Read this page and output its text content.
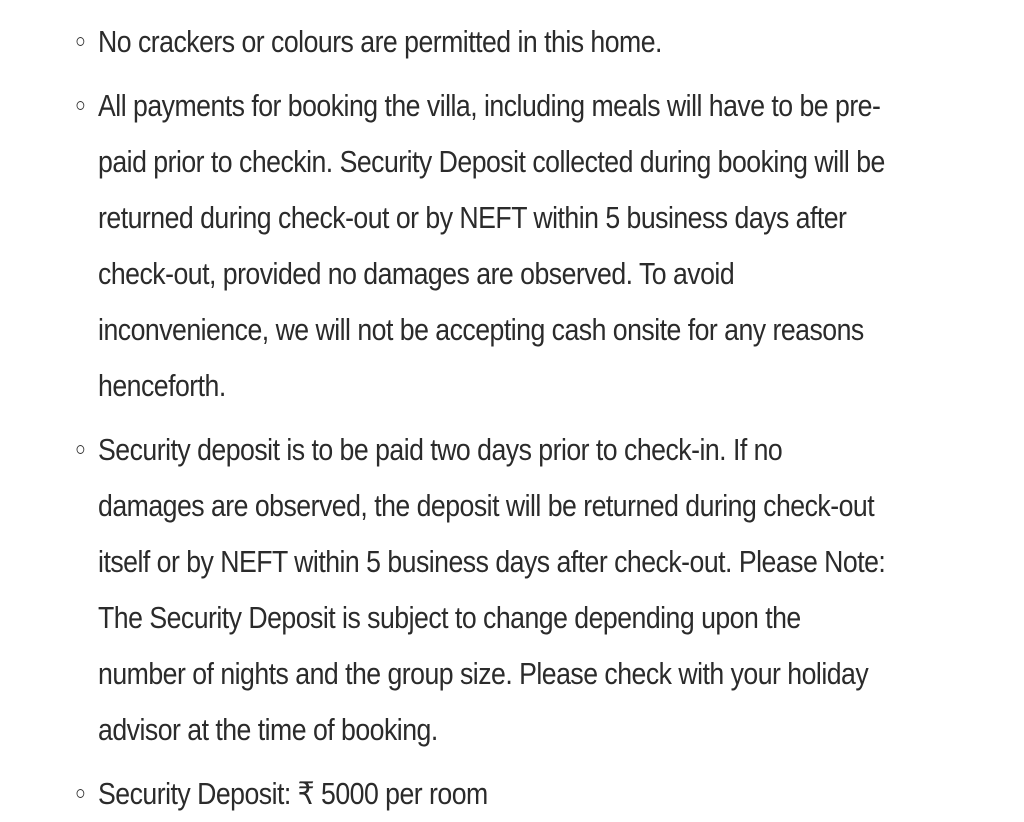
No crackers or colours are permitted in this home.
All payments for booking the villa, including meals will have to be pre-paid prior to checkin. Security Deposit collected during booking will be returned during check-out or by NEFT within 5 business days after check-out, provided no damages are observed. To avoid inconvenience, we will not be accepting cash onsite for any reasons henceforth.
Security deposit is to be paid two days prior to check-in. If no damages are observed, the deposit will be returned during check-out itself or by NEFT within 5 business days after check-out. Please Note: The Security Deposit is subject to change depending upon the number of nights and the group size. Please check with your holiday advisor at the time of booking.
Security Deposit: ₹ 5000 per room
